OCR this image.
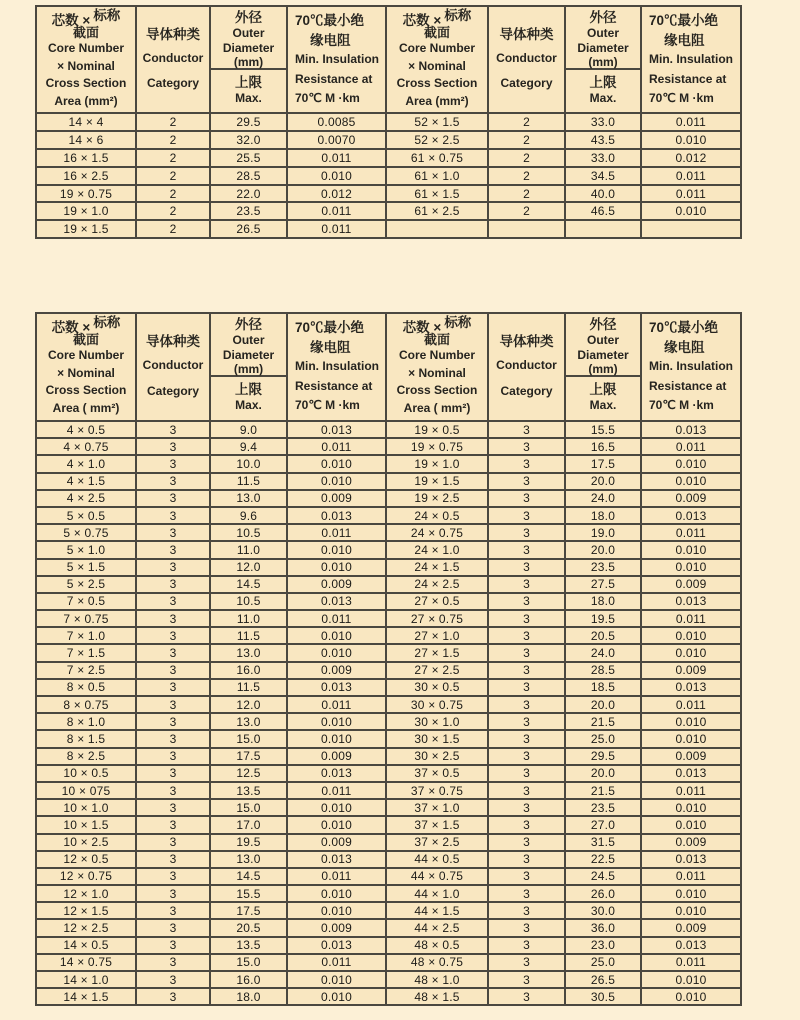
芯数 × 标称
截面
Core Number
× Nominal
Cross Section
Area (mm²)

导体种类
Conductor
Category

外径
Outer
Diameter
(mm)
上限
Max.

70℃最小绝
缘电阻
Min. Insulation
Resistance at
70℃ M ·km

芯数 × 标称
截面
Core Number
× Nominal
Cross Section
Area (mm²)

导体种类
Conductor
Category

外径
Outer
Diameter
(mm)
上限
Max.

70℃最小绝
缘电阻
Min. Insulation
Resistance at
70℃ M ·km

14 × 4	2	29.5	0.0085	52 × 1.5	2	33.0	0.011
14 × 6	2	32.0	0.0070	52 × 2.5	2	43.5	0.010
16 × 1.5	2	25.5	0.011	61 × 0.75	2	33.0	0.012
16 × 2.5	2	28.5	0.010	61 × 1.0	2	34.5	0.011
19 × 0.75	2	22.0	0.012	61 × 1.5	2	40.0	0.011
19 × 1.0	2	23.5	0.011	61 × 2.5	2	46.5	0.010
19 × 1.5	2	26.5	0.011				
芯数 × 标称
截面
Core Number
× Nominal
Cross Section
Area ( mm²)

导体种类
Conductor
Category

外径
Outer
Diameter
(mm)
上限
Max.

70℃最小绝
缘电阻
Min. Insulation
Resistance at
70℃ M ·km

芯数 × 标称
截面
Core Number
× Nominal
Cross Section
Area ( mm²)

导体种类
Conductor
Category

外径
Outer
Diameter
(mm)
上限
Max.

70℃最小绝
缘电阻
Min. Insulation
Resistance at
70℃ M ·km

4 × 0.5	3	9.0	0.013	19 × 0.5	3	15.5	0.013
4 × 0.75	3	9.4	0.011	19 × 0.75	3	16.5	0.011
4 × 1.0	3	10.0	0.010	19 × 1.0	3	17.5	0.010
4 × 1.5	3	11.5	0.010	19 × 1.5	3	20.0	0.010
4 × 2.5	3	13.0	0.009	19 × 2.5	3	24.0	0.009
5 × 0.5	3	9.6	0.013	24 × 0.5	3	18.0	0.013
5 × 0.75	3	10.5	0.011	24 × 0.75	3	19.0	0.011
5 × 1.0	3	11.0	0.010	24 × 1.0	3	20.0	0.010
5 × 1.5	3	12.0	0.010	24 × 1.5	3	23.5	0.010
5 × 2.5	3	14.5	0.009	24 × 2.5	3	27.5	0.009
7 × 0.5	3	10.5	0.013	27 × 0.5	3	18.0	0.013
7 × 0.75	3	11.0	0.011	27 × 0.75	3	19.5	0.011
7 × 1.0	3	11.5	0.010	27 × 1.0	3	20.5	0.010
7 × 1.5	3	13.0	0.010	27 × 1.5	3	24.0	0.010
7 × 2.5	3	16.0	0.009	27 × 2.5	3	28.5	0.009
8 × 0.5	3	11.5	0.013	30 × 0.5	3	18.5	0.013
8 × 0.75	3	12.0	0.011	30 × 0.75	3	20.0	0.011
8 × 1.0	3	13.0	0.010	30 × 1.0	3	21.5	0.010
8 × 1.5	3	15.0	0.010	30 × 1.5	3	25.0	0.010
8 × 2.5	3	17.5	0.009	30 × 2.5	3	29.5	0.009
10 × 0.5	3	12.5	0.013	37 × 0.5	3	20.0	0.013
10 × 075	3	13.5	0.011	37 × 0.75	3	21.5	0.011
10 × 1.0	3	15.0	0.010	37 × 1.0	3	23.5	0.010
10 × 1.5	3	17.0	0.010	37 × 1.5	3	27.0	0.010
10 × 2.5	3	19.5	0.009	37 × 2.5	3	31.5	0.009
12 × 0.5	3	13.0	0.013	44 × 0.5	3	22.5	0.013
12 × 0.75	3	14.5	0.011	44 × 0.75	3	24.5	0.011
12 × 1.0	3	15.5	0.010	44 × 1.0	3	26.0	0.010
12 × 1.5	3	17.5	0.010	44 × 1.5	3	30.0	0.010
12 × 2.5	3	20.5	0.009	44 × 2.5	3	36.0	0.009
14 × 0.5	3	13.5	0.013	48 × 0.5	3	23.0	0.013
14 × 0.75	3	15.0	0.011	48 × 0.75	3	25.0	0.011
14 × 1.0	3	16.0	0.010	48 × 1.0	3	26.5	0.010
14 × 1.5	3	18.0	0.010	48 × 1.5	3	30.5	0.010
